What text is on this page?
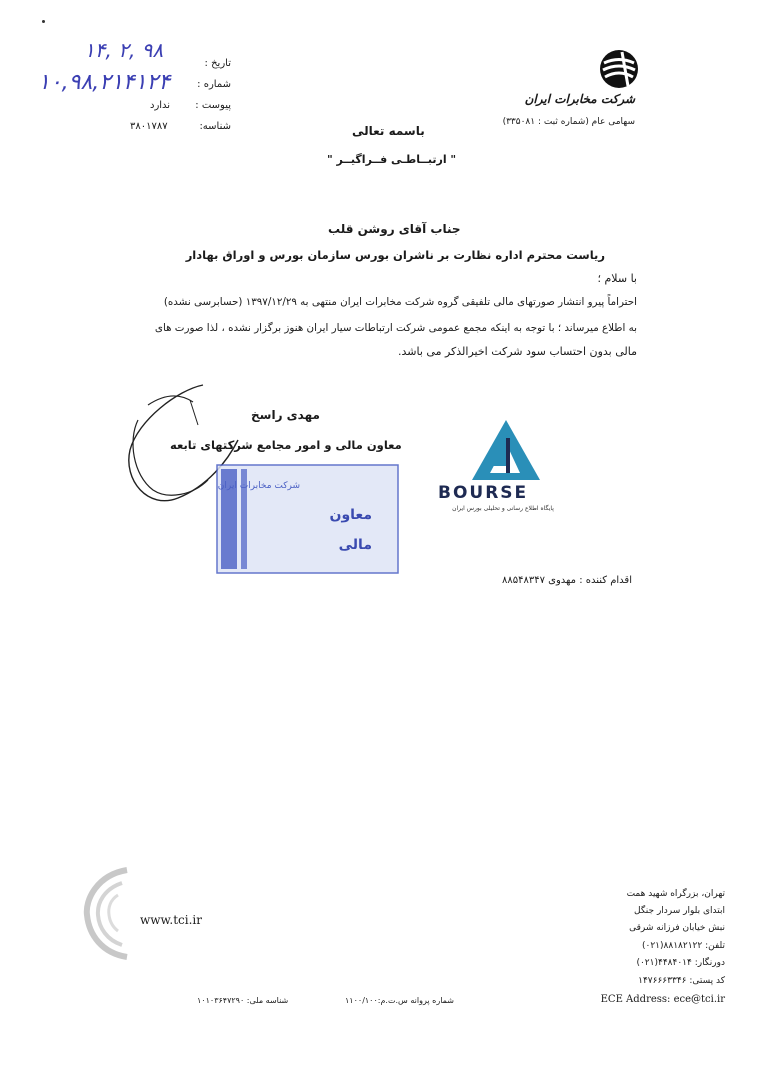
۹۸ ,۲ ,۱۴
۱۰,۹۸,۲۱۴۱۲۴
تاریخ :
شماره :
پیوست :
ندارد
شناسه:
۳۸۰۱۷۸۷
شرکت مخابرات ایران
سهامی عام (شماره ثبت : ۳۳۵۰۸۱)
باسمه تعالی
" ارتبــاطـی فــراگیــر "
جناب آقای روشن قلب
ریاست محترم اداره نظارت بر ناشران بورس سازمان بورس و اوراق بهادار
با سلام ؛
احتراماً پیرو انتشار صورتهای مالی تلفیقی گروه شرکت مخابرات ایران منتهی به ۱۳۹۷/۱۲/۲۹ (حسابرسی نشده)
به اطلاع میرساند ؛ با توجه به اینکه مجمع عمومی شرکت ارتباطات سیار ایران هنوز برگزار نشده ، لذا صورت های
مالی بدون احتساب سود شرکت اخیرالذکر می باشد.
مهدی راسخ
معاون مالی و امور مجامع شرکتهای تابعه
شرکت مخابرات ایران
معاون
مالی
BOURSE
پایگاه اطلاع رسانی و تحلیلی بورس ایران
اقدام کننده : مهدوی ۸۸۵۴۸۳۴۷
www.tci.ir
تهران، بزرگراه شهید همت
ابتدای بلوار سردار جنگل
نبش خیابان فرزانه شرقی
تلفن: ۸۸۱۸۲۱۲۲(۰۲۱)
دورنگار: ۴۴۸۴۰۱۴(۰۲۱)
کد پستی: ۱۴۷۶۶۶۳۳۴۶
ECE Address: ece@tci.ir
شماره پروانه س.ت.م:۱۱۰۰/۱۰۰
شناسه ملی: ۱۰۱۰۳۶۴۷۲۹۰
